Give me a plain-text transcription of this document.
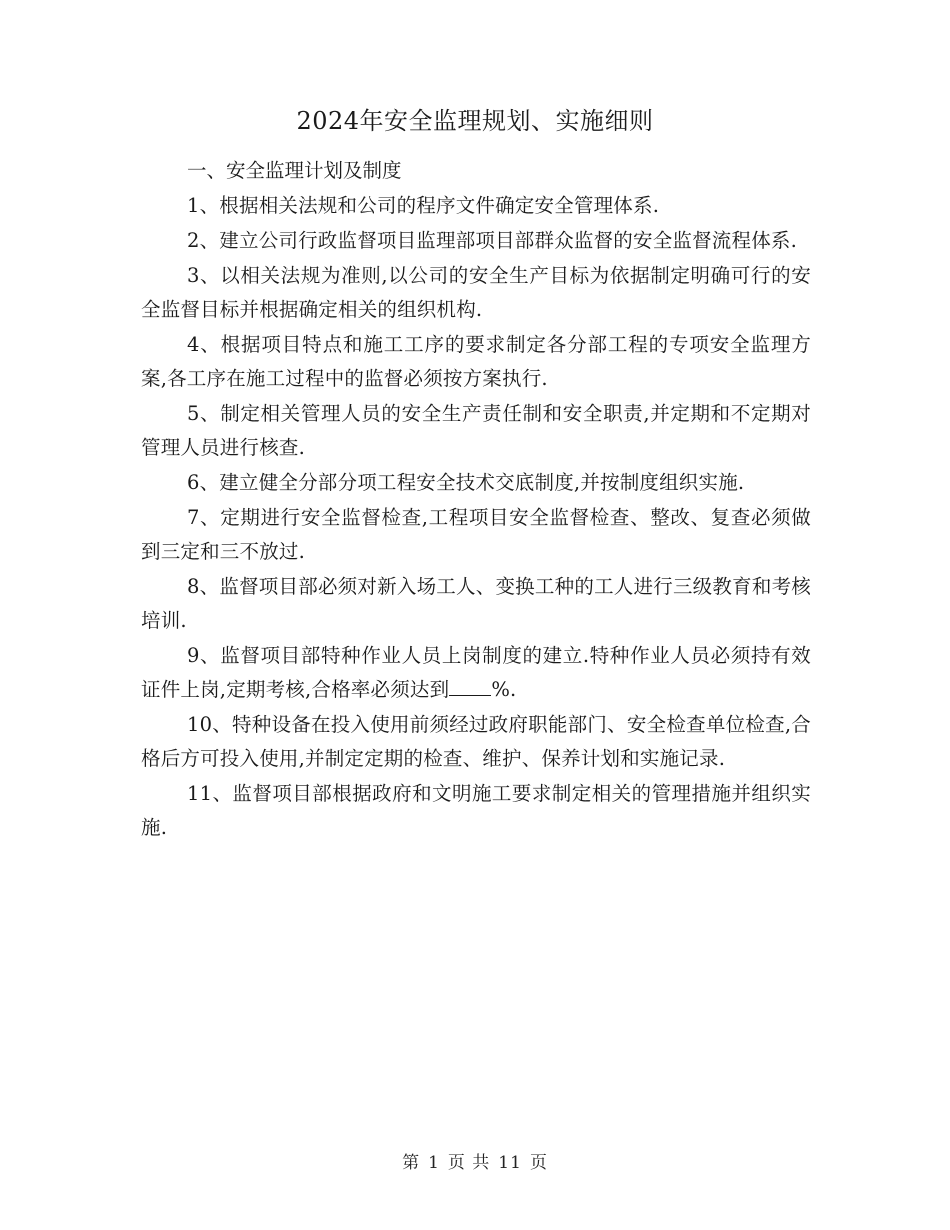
2024年安全监理规划、实施细则
一、安全监理计划及制度

1、根据相关法规和公司的程序文件确定安全管理体系.

2、建立公司行政监督项目监理部项目部群众监督的安全监督流程体系.

3、以相关法规为准则,以公司的安全生产目标为依据制定明确可行的安全监督目标并根据确定相关的组织机构.

4、根据项目特点和施工工序的要求制定各分部工程的专项安全监理方案,各工序在施工过程中的监督必须按方案执行.

5、制定相关管理人员的安全生产责任制和安全职责,并定期和不定期对管理人员进行核查.

6、建立健全分部分项工程安全技术交底制度,并按制度组织实施.

7、定期进行安全监督检查,工程项目安全监督检查、整改、复查必须做到三定和三不放过.

8、监督项目部必须对新入场工人、变换工种的工人进行三级教育和考核培训.

9、监督项目部特种作业人员上岗制度的建立.特种作业人员必须持有效证件上岗,定期考核,合格率必须达到 %.

10、特种设备在投入使用前须经过政府职能部门、安全检查单位检查,合格后方可投入使用,并制定定期的检查、维护、保养计划和实施记录.

11、监督项目部根据政府和文明施工要求制定相关的管理措施并组织实施.

第 1 页 共 11 页
